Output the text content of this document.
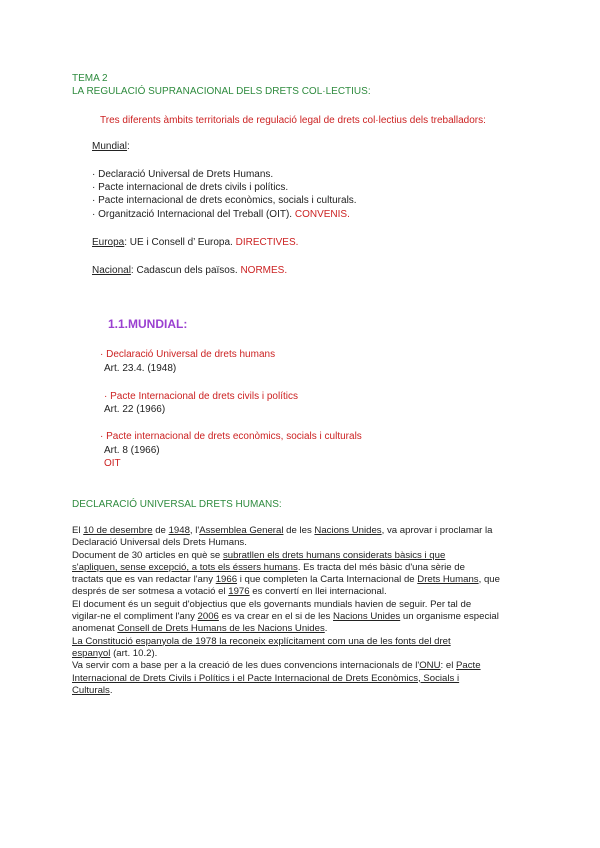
TEMA 2
LA REGULACIÓ SUPRANACIONAL DELS DRETS COL·LECTIUS:
Tres diferents àmbits territorials de regulació legal de drets col·lectius dels treballadors:
Mundial:
· Declaració Universal de Drets Humans.
· Pacte internacional de drets civils i polítics.
· Pacte internacional de drets econòmics, socials i culturals.
· Organització Internacional del Treball (OIT). CONVENIS.
Europa: UE i Consell d’ Europa. DIRECTIVES.
Nacional: Cadascun dels països. NORMES.
1.1.MUNDIAL:
· Declaració Universal de drets humans
Art. 23.4. (1948)
· Pacte Internacional de drets civils i polítics
Art. 22 (1966)
· Pacte internacional de drets econòmics, socials i culturals
Art. 8 (1966)
OIT
DECLARACIÓ UNIVERSAL DRETS HUMANS:
El 10 de desembre de 1948, l'Assemblea General de les Nacions Unides, va aprovar i proclamar la
Declaració Universal dels Drets Humans.
Document de 30 articles en què se subratllen els drets humans considerats bàsics i que
s'apliquen, sense excepció, a tots els éssers humans. Es tracta del més bàsic d'una sèrie de
tractats que es van redactar l'any 1966 i que completen la Carta Internacional de Drets Humans, que
després de ser sotmesa a votació el 1976 es convertí en llei internacional.
El document és un seguit d'objectius que els governants mundials havien de seguir. Per tal de
vigilar-ne el compliment l'any 2006 es va crear en el si de les Nacions Unides un organisme especial
anomenat Consell de Drets Humans de les Nacions Unides.
La Constitució espanyola de 1978 la reconeix explícitament com una de les fonts del dret
espanyol (art. 10.2).
Va servir com a base per a la creació de les dues convencions internacionals de l'ONU: el Pacte
Internacional de Drets Civils i Polítics i el Pacte Internacional de Drets Econòmics, Socials i
Culturals.
